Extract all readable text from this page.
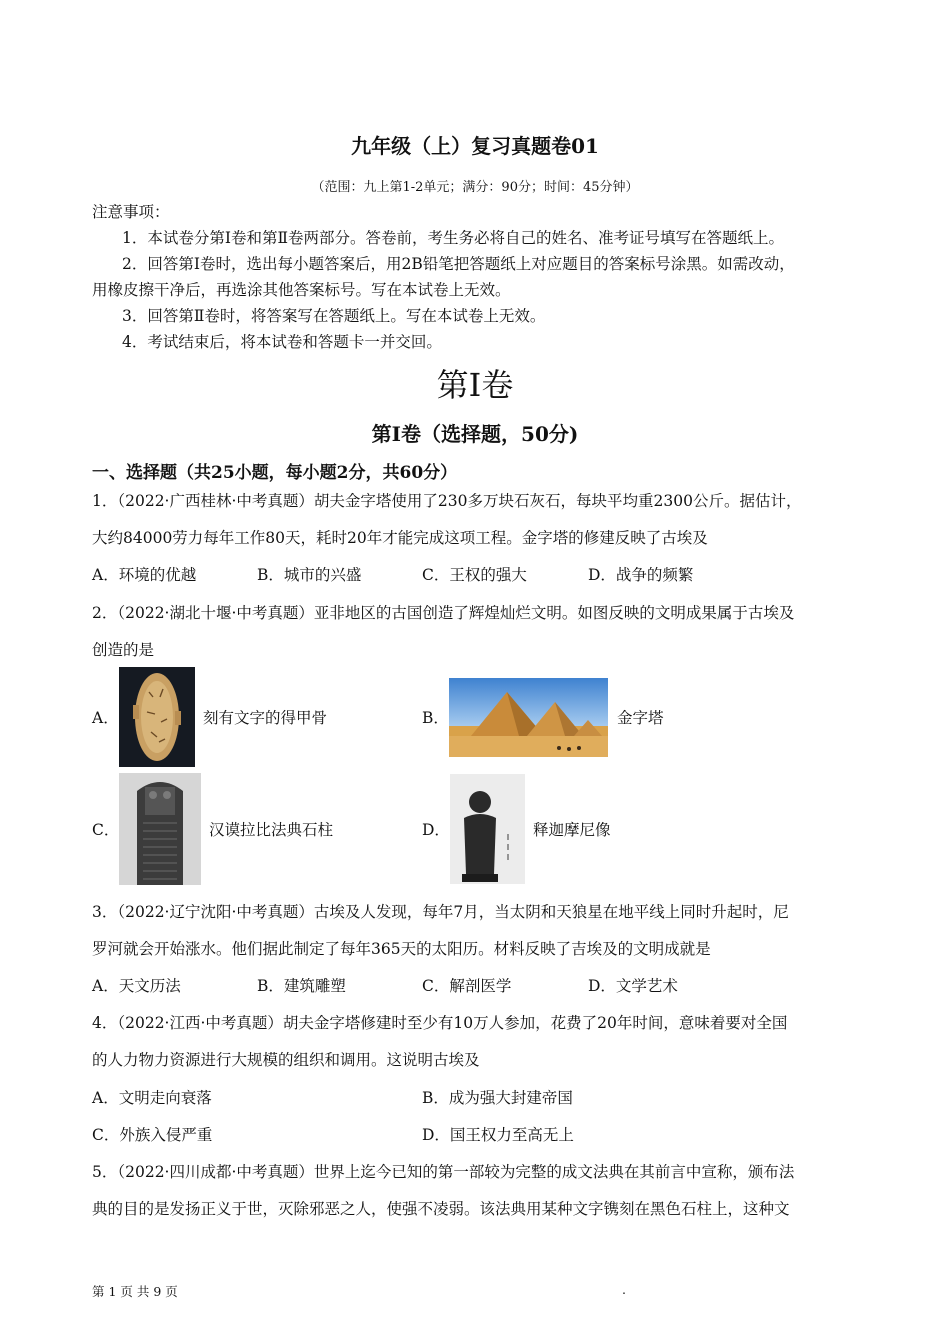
九年级（上）复习真题卷01
（范围：九上第1-2单元；满分：90分；时间：45分钟）
注意事项：
1．本试卷分第Ⅰ卷和第Ⅱ卷两部分。答卷前，考生务必将自己的姓名、准考证号填写在答题纸上。
2．回答第Ⅰ卷时，选出每小题答案后，用2B铅笔把答题纸上对应题目的答案标号涂黑。如需改动，
用橡皮擦干净后，再选涂其他答案标号。写在本试卷上无效。
3．回答第Ⅱ卷时，将答案写在答题纸上。写在本试卷上无效。
4．考试结束后，将本试卷和答题卡一并交回。
第Ⅰ卷
第I卷（选择题，50分)
一、选择题（共25小题，每小题2分，共60分）
1．（2022·广西桂林·中考真题）胡夫金字塔使用了230多万块石灰石，每块平均重2300公斤。据估计，
大约84000劳力每年工作80天，耗时20年才能完成这项工程。金字塔的修建反映了古埃及
A．环境的优越	B．城市的兴盛	C．王权的强大	D．战争的频繁
2．（2022·湖北十堰·中考真题）亚非地区的古国创造了辉煌灿烂文明。如图反映的文明成果属于古埃及
创造的是
A．	刻有文字的得甲骨	B．	金字塔
C．	汉谟拉比法典石柱	D．	释迦摩尼像
3．（2022·辽宁沈阳·中考真题）古埃及人发现，每年7月，当太阴和天狼星在地平线上同时升起时，尼
罗河就会开始涨水。他们据此制定了每年365天的太阳历。材料反映了吉埃及的文明成就是
A．天文历法	B．建筑雕塑	C．解剖医学	D．文学艺术
4．（2022·江西·中考真题）胡夫金字塔修建时至少有10万人参加，花费了20年时间，意味着要对全国
的人力物力资源进行大规模的组织和调用。这说明古埃及
A．文明走向衰落	B．成为强大封建帝国
C．外族入侵严重	D．国王权力至高无上
5．（2022·四川成都·中考真题）世界上迄今已知的第一部较为完整的成文法典在其前言中宣称，颁布法
典的目的是发扬正义于世，灭除邪恶之人，使强不凌弱。该法典用某种文字镌刻在黑色石柱上，这种文
第 1 页 共 9 页	.
